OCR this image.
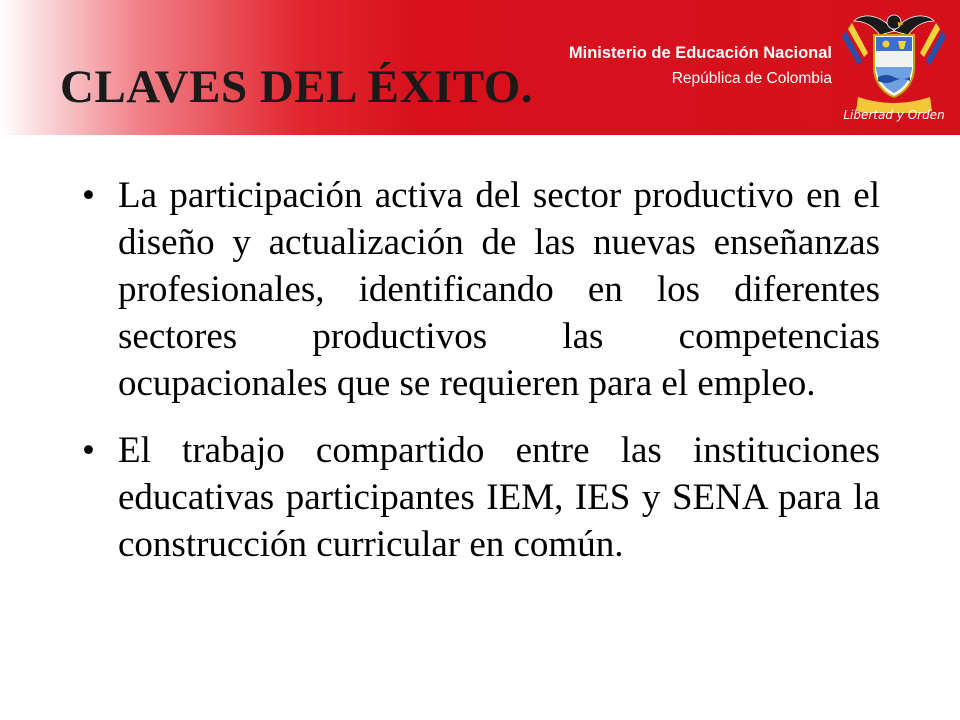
CLAVES DEL ÉXITO.
Ministerio de Educación Nacional
República de Colombia
Libertad y Orden
• La participación activa del sector productivo en el diseño y actualización de las nuevas enseñanzas profesionales, identificando en los diferentes sectores productivos las competencias ocupacionales que se requieren para el empleo.
• El trabajo compartido entre las instituciones educativas participantes IEM, IES y SENA para la construcción curricular en común.
